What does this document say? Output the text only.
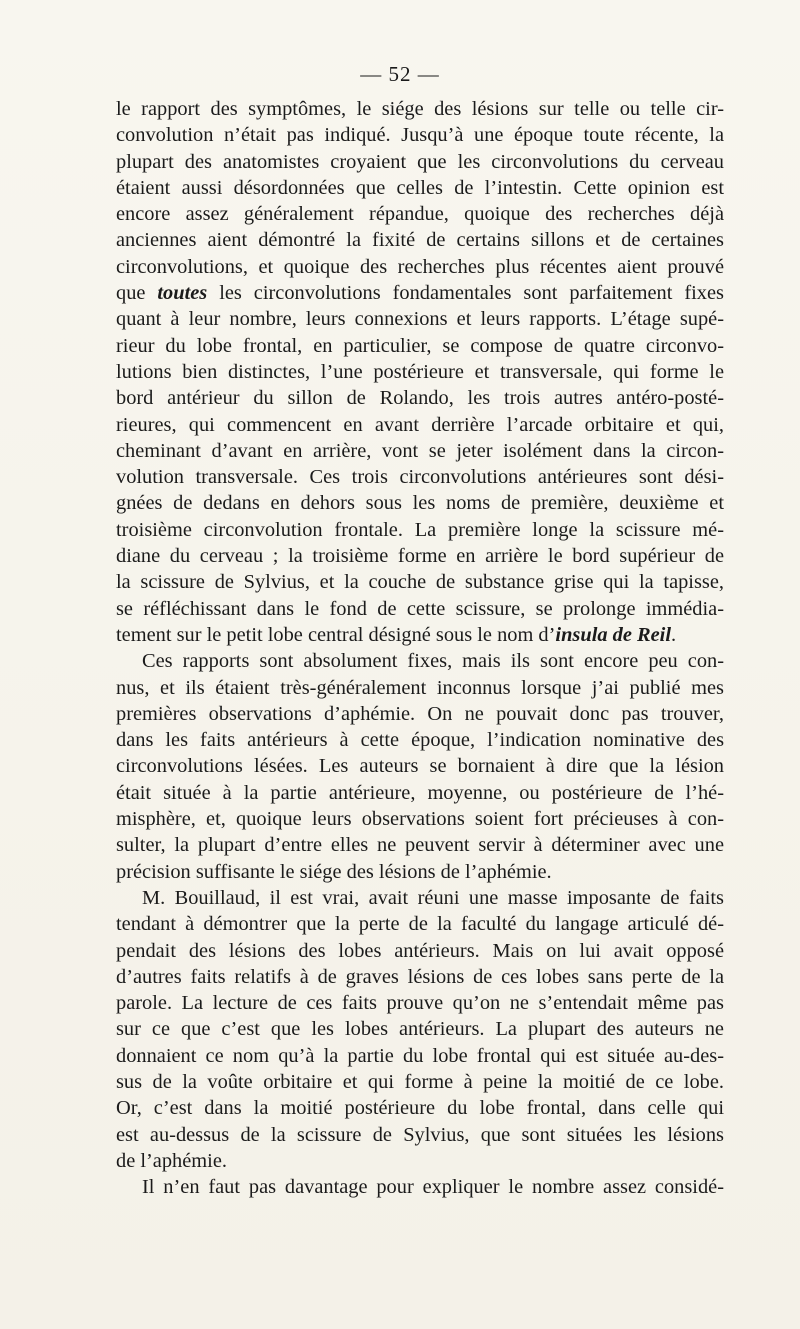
— 52 —

le rapport des symptômes, le siége des lésions sur telle ou telle cir-
convolution n’était pas indiqué. Jusqu’à une époque toute récente, la
plupart des anatomistes croyaient que les circonvolutions du cerveau
étaient aussi désordonnées que celles de l’intestin. Cette opinion est
encore assez généralement répandue, quoique des recherches déjà
anciennes aient démontré la fixité de certains sillons et de certaines
circonvolutions, et quoique des recherches plus récentes aient prouvé
que toutes les circonvolutions fondamentales sont parfaitement fixes
quant à leur nombre, leurs connexions et leurs rapports. L’étage supé-
rieur du lobe frontal, en particulier, se compose de quatre circonvo-
lutions bien distinctes, l’une postérieure et transversale, qui forme le
bord antérieur du sillon de Rolando, les trois autres antéro-posté-
rieures, qui commencent en avant derrière l’arcade orbitaire et qui,
cheminant d’avant en arrière, vont se jeter isolément dans la circon-
volution transversale. Ces trois circonvolutions antérieures sont dési-
gnées de dedans en dehors sous les noms de première, deuxième et
troisième circonvolution frontale. La première longe la scissure mé-
diane du cerveau ; la troisième forme en arrière le bord supérieur de
la scissure de Sylvius, et la couche de substance grise qui la tapisse,
se réfléchissant dans le fond de cette scissure, se prolonge immédia-
tement sur le petit lobe central désigné sous le nom d’insula de Reil.

Ces rapports sont absolument fixes, mais ils sont encore peu con-
nus, et ils étaient très-généralement inconnus lorsque j’ai publié mes
premières observations d’aphémie. On ne pouvait donc pas trouver,
dans les faits antérieurs à cette époque, l’indication nominative des
circonvolutions lésées. Les auteurs se bornaient à dire que la lésion
était située à la partie antérieure, moyenne, ou postérieure de l’hé-
misphère, et, quoique leurs observations soient fort précieuses à con-
sulter, la plupart d’entre elles ne peuvent servir à déterminer avec une
précision suffisante le siége des lésions de l’aphémie.

M. Bouillaud, il est vrai, avait réuni une masse imposante de faits
tendant à démontrer que la perte de la faculté du langage articulé dé-
pendait des lésions des lobes antérieurs. Mais on lui avait opposé
d’autres faits relatifs à de graves lésions de ces lobes sans perte de la
parole. La lecture de ces faits prouve qu’on ne s’entendait même pas
sur ce que c’est que les lobes antérieurs. La plupart des auteurs ne
donnaient ce nom qu’à la partie du lobe frontal qui est située au-des-
sus de la voûte orbitaire et qui forme à peine la moitié de ce lobe.
Or, c’est dans la moitié postérieure du lobe frontal, dans celle qui
est au-dessus de la scissure de Sylvius, que sont situées les lésions
de l’aphémie.

Il n’en faut pas davantage pour expliquer le nombre assez considé-
